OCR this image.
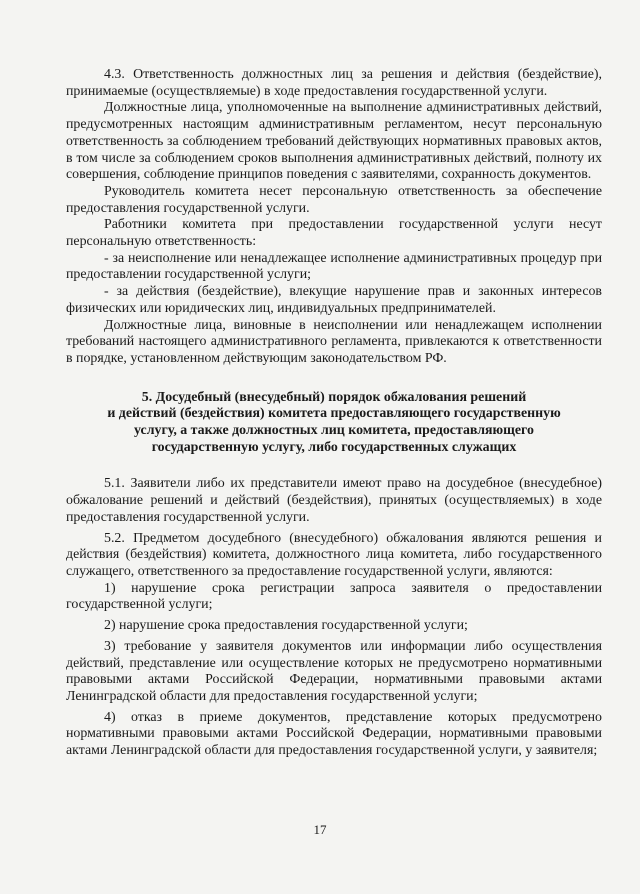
4.3. Ответственность должностных лиц за решения и действия (бездействие), принимаемые (осуществляемые) в ходе предоставления государственной услуги.

Должностные лица, уполномоченные на выполнение административных действий, предусмотренных настоящим административным регламентом, несут персональную ответственность за соблюдением требований действующих нормативных правовых актов, в том числе за соблюдением сроков выполнения административных действий, полноту их совершения, соблюдение принципов поведения с заявителями, сохранность документов.

Руководитель комитета несет персональную ответственность за обеспечение предоставления государственной услуги.

Работники комитета при предоставлении государственной услуги несут персональную ответственность:

- за неисполнение или ненадлежащее исполнение административных процедур при предоставлении государственной услуги;

- за действия (бездействие), влекущие нарушение прав и законных интересов физических или юридических лиц, индивидуальных предпринимателей.

Должностные лица, виновные в неисполнении или ненадлежащем исполнении требований настоящего административного регламента, привлекаются к ответственности в порядке, установленном действующим законодательством РФ.

5. Досудебный (внесудебный) порядок обжалования решений
и действий (бездействия) комитета предоставляющего государственную
услугу, а также должностных лиц комитета, предоставляющего
государственную услугу, либо государственных служащих

5.1. Заявители либо их представители имеют право на досудебное (внесудебное) обжалование решений и действий (бездействия), принятых (осуществляемых) в ходе предоставления государственной услуги.

5.2. Предметом досудебного (внесудебного) обжалования являются решения и действия (бездействия) комитета, должностного лица комитета, либо государственного служащего, ответственного за предоставление государственной услуги, являются:

1) нарушение срока регистрации запроса заявителя о предоставлении государственной услуги;

2) нарушение срока предоставления государственной услуги;

3) требование у заявителя документов или информации либо осуществления действий, представление или осуществление которых не предусмотрено нормативными правовыми актами Российской Федерации, нормативными правовыми актами Ленинградской области для предоставления государственной услуги;

4) отказ в приеме документов, представление которых предусмотрено нормативными правовыми актами Российской Федерации, нормативными правовыми актами Ленинградской области для предоставления государственной услуги, у заявителя;

17
